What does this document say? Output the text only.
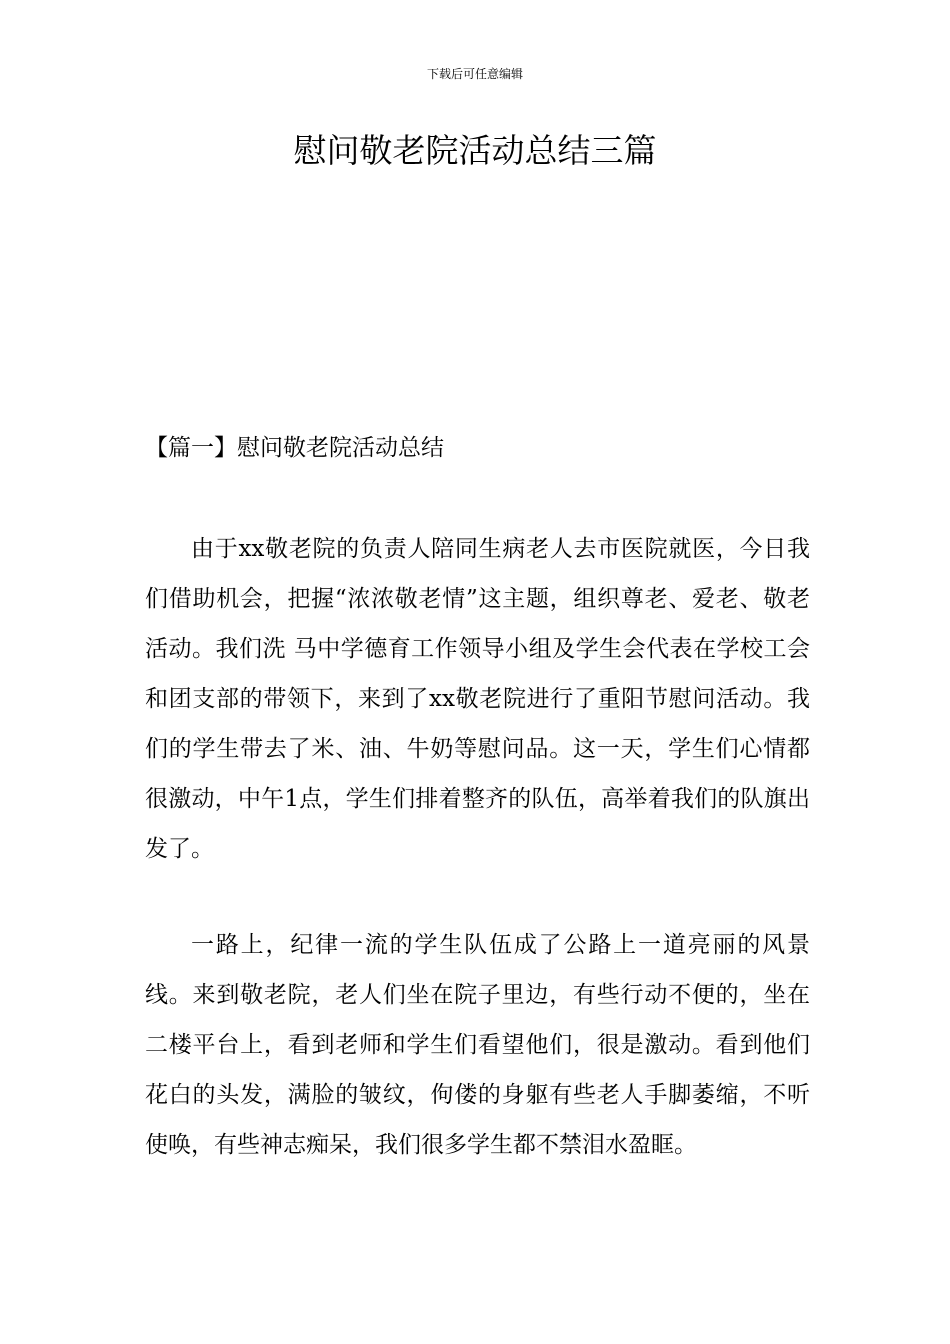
下载后可任意编辑
慰问敬老院活动总结三篇
【篇一】慰问敬老院活动总结

由于xx敬老院的负责人陪同生病老人去市医院就医，今日我们借助机会，把握“浓浓敬老情”这主题，组织尊老、爱老、敬老活动。我们洗 马中学德育工作领导小组及学生会代表在学校工会和团支部的带领下，来到了xx敬老院进行了重阳节慰问活动。我们的学生带去了米、油、牛奶等慰问品。这一天，学生们心情都很激动，中午1点，学生们排着整齐的队伍，高举着我们的队旗出发了。

一路上，纪律一流的学生队伍成了公路上一道亮丽的风景线。来到敬老院，老人们坐在院子里边，有些行动不便的，坐在二楼平台上，看到老师和学生们看望他们，很是激动。看到他们花白的头发，满脸的皱纹，佝偻的身躯有些老人手脚萎缩，不听使唤，有些神志痴呆，我们很多学生都不禁泪水盈眶。
